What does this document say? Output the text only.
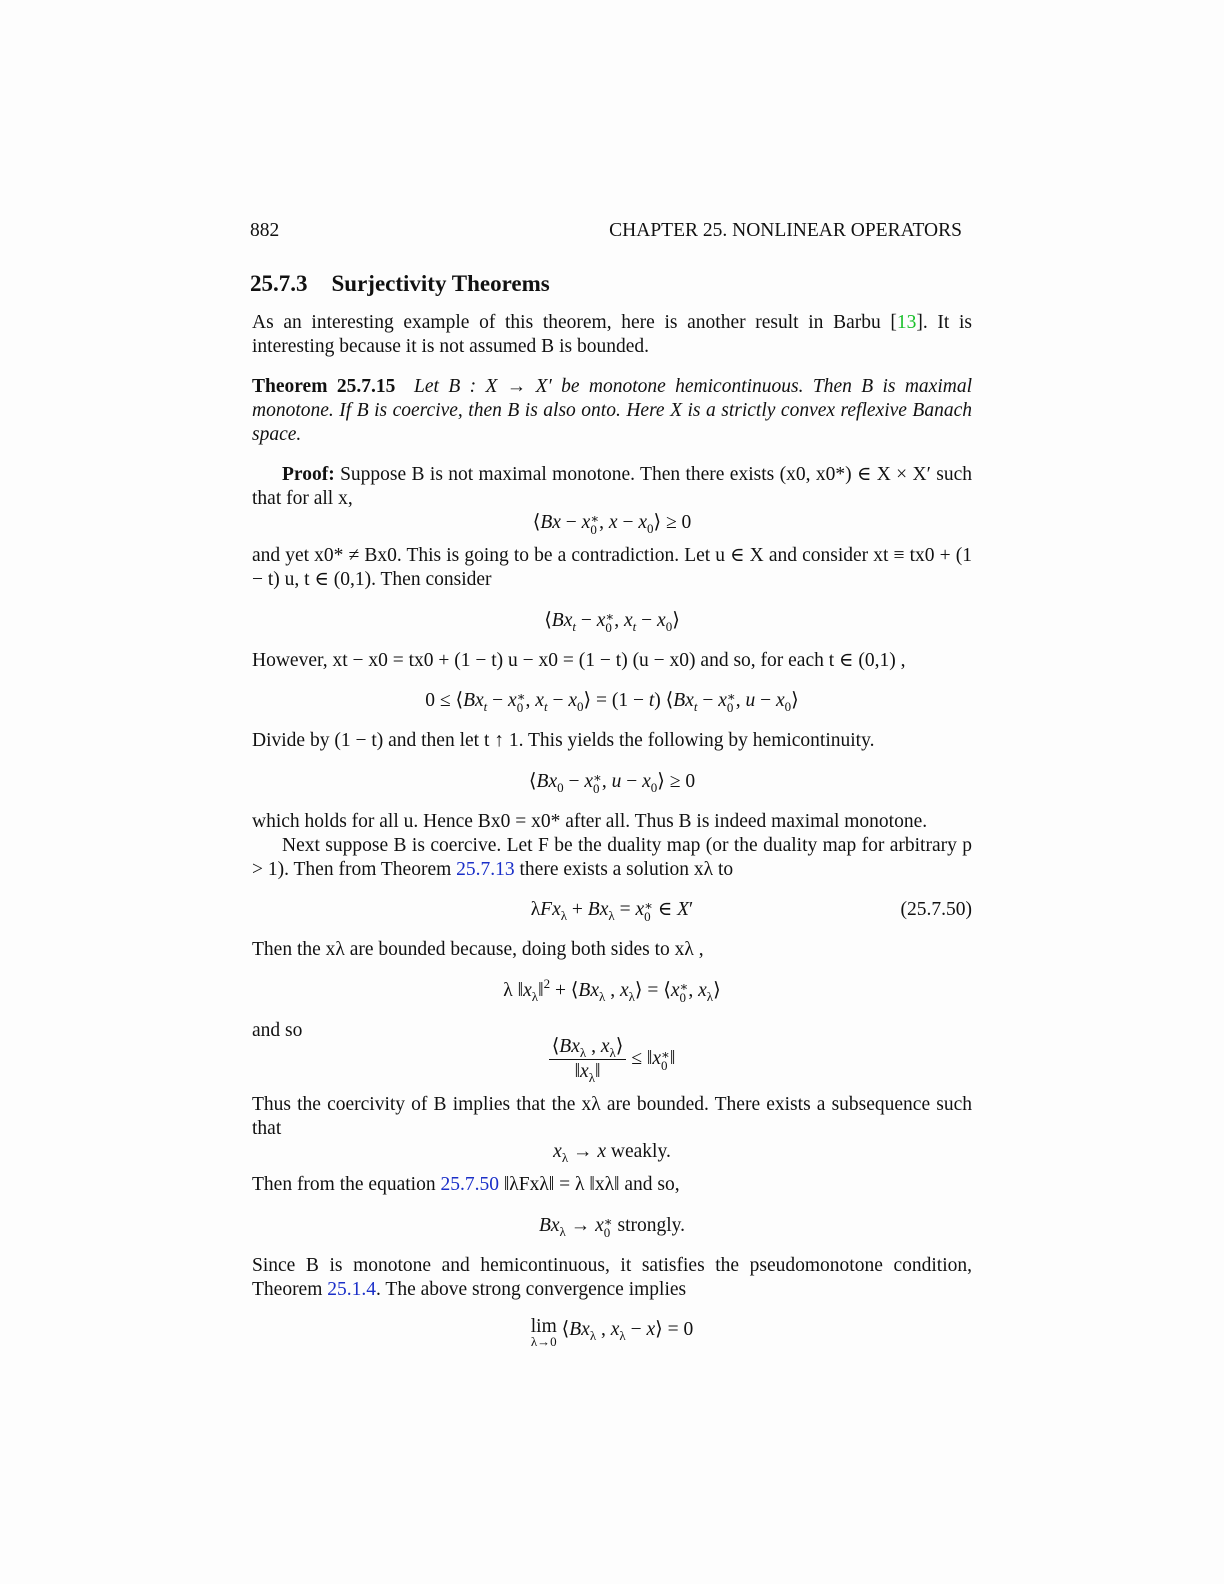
882	CHAPTER 25. NONLINEAR OPERATORS
25.7.3 Surjectivity Theorems
As an interesting example of this theorem, here is another result in Barbu [13]. It is interesting because it is not assumed B is bounded.
Theorem 25.7.15 Let B : X → X′ be monotone hemicontinuous. Then B is maximal monotone. If B is coercive, then B is also onto. Here X is a strictly convex reflexive Banach space.
Proof: Suppose B is not maximal monotone. Then there exists (x0, x0*) ∈ X × X′ such that for all x,
⟨Bx − x ∗
0 , $x - x_0⟩ \ge 0$
and yet x0* ≠ Bx0. This is going to be a contradiction. Let u ∈ X and consider xt ≡ tx0 + (1 − t) u, t ∈ (0,1). Then consider
$⟨Bx_t - x$ ∗
0 , $x_t$ − $x_0⟩$
However, xt − x0 = tx0 + (1 − t) u − x0 = (1 − t) (u − x0) and so, for each t ∈ (0,1) ,
$0 \le ⟨Bx_t - x$ ∗
0 , $x_t$ − $x_0⟩ = (1 - t)$ $⟨Bx_t - x$ ∗
0 , $u - x_0⟩$
Divide by (1 − t) and then let t ↑ 1. This yields the following by hemicontinuity.
$⟨Bx_0 - x$ ∗
0 , $u - x_0⟩ \ge 0$
which holds for all u. Hence Bx0 = x0* after all. Thus B is indeed maximal monotone.
Next suppose B is coercive. Let F be the duality map (or the duality map for arbitrary p > 1). Then from Theorem 25.7.13 there exists a solution xλ to
$\lambda Fx_\lambda + Bx_\lambda = x$ ∗
0 ∈ X′	(25.7.50)
Then the xλ are bounded because, doing both sides to xλ ,
λ $‖x_\lambda‖^2$ + $⟨Bx_\lambda$ , $x_\lambda⟩$ = ⟨x ∗
0 , $x_\lambda⟩$
and so
$\frac{⟨Bx_\lambda , x_\lambda⟩}{‖x_\lambda‖}$ ≤ ‖x ∗
0 ‖
Thus the coercivity of B implies that the xλ are bounded. There exists a subsequence such that
$x_\lambda \to x$ weakly.
Then from the equation 25.7.50 ‖λFxλ‖ = λ ‖xλ‖ and so,
$Bx_\lambda \to x$ ∗
0 strongly.
Since B is monotone and hemicontinuous, it satisfies the pseudomonotone condition, Theorem 25.1.4. The above strong convergence implies
lim
λ→0
$⟨Bx_\lambda$ , $x_\lambda$ − x⟩ = 0
